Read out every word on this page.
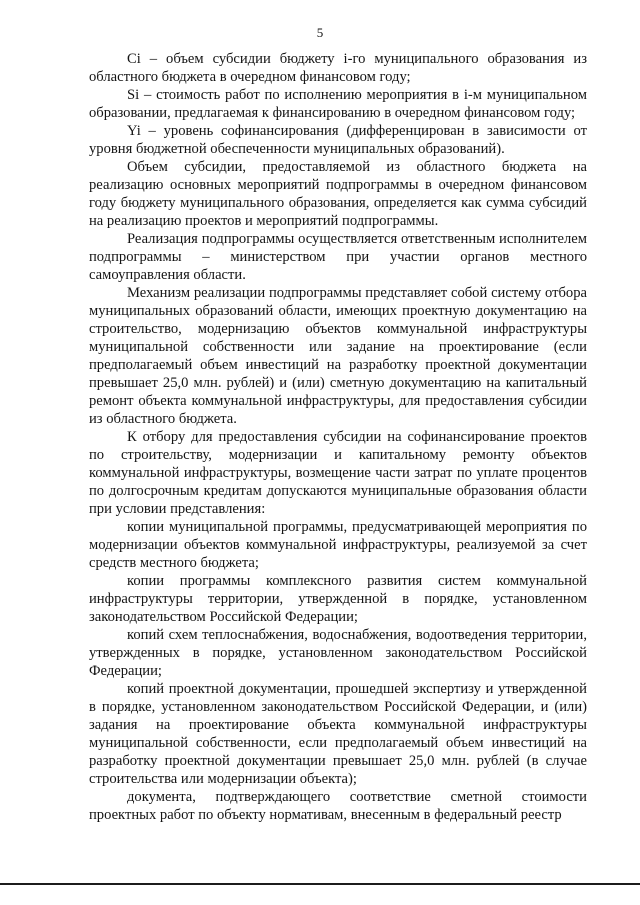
5

Ci – объем субсидии бюджету i-го муниципального образования из областного бюджета в очередном финансовом году;

Si – стоимость работ по исполнению мероприятия в i-м муниципальном образовании, предлагаемая к финансированию в очередном финансовом году;

Yi – уровень софинансирования (дифференцирован в зависимости от уровня бюджетной обеспеченности муниципальных образований).

Объем субсидии, предоставляемой из областного бюджета на реализацию основных мероприятий подпрограммы в очередном финансовом году бюджету муниципального образования, определяется как сумма субсидий на реализацию проектов и мероприятий подпрограммы.

Реализация подпрограммы осуществляется ответственным исполнителем подпрограммы – министерством при участии органов местного самоуправления области.

Механизм реализации подпрограммы представляет собой систему отбора муниципальных образований области, имеющих проектную документацию на строительство, модернизацию объектов коммунальной инфраструктуры муниципальной собственности или задание на проектирование (если предполагаемый объем инвестиций на разработку проектной документации превышает 25,0 млн. рублей) и (или) сметную документацию на капитальный ремонт объекта коммунальной инфраструктуры, для предоставления субсидии из областного бюджета.

К отбору для предоставления субсидии на софинансирование проектов по строительству, модернизации и капитальному ремонту объектов коммунальной инфраструктуры, возмещение части затрат по уплате процентов по долгосрочным кредитам допускаются муниципальные образования области при условии представления:

копии муниципальной программы, предусматривающей мероприятия по модернизации объектов коммунальной инфраструктуры, реализуемой за счет средств местного бюджета;

копии программы комплексного развития систем коммунальной инфраструктуры территории, утвержденной в порядке, установленном законодательством Российской Федерации;

копий схем теплоснабжения, водоснабжения, водоотведения территории, утвержденных в порядке, установленном законодательством Российской Федерации;

копий проектной документации, прошедшей экспертизу и утвержденной в порядке, установленном законодательством Российской Федерации, и (или) задания на проектирование объекта коммунальной инфраструктуры муниципальной собственности, если предполагаемый объем инвестиций на разработку проектной документации превышает 25,0 млн. рублей (в случае строительства или модернизации объекта);

документа, подтверждающего соответствие сметной стоимости проектных работ по объекту нормативам, внесенным в федеральный реестр
